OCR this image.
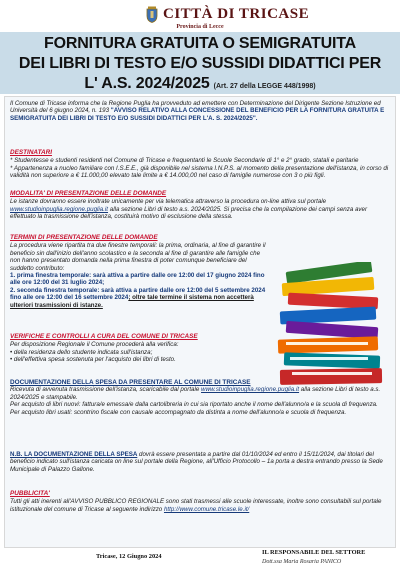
CITTÀ DI TRICASE
Provincia di Lecce
FORNITURA GRATUITA O SEMIGRATUITA
DEI LIBRI DI TESTO E/O SUSSIDI DIDATTICI PER
L' A.S. 2024/2025 (Art. 27 della LEGGE 448/1998)
Il Comune di Tricase informa che la Regione Puglia ha provveduto ad emettere con Determinazione del Dirigente Sezione Istruzione ed Università del 6 giugno 2024, n. 193 "AVVISO RELATIVO ALLA CONCESSIONE DEL BENEFICIO PER LA FORNITURA GRATUITA E SEMIGRATUITA DEI LIBRI DI TESTO E/O SUSSIDI DIDATTICI PER L'A. S. 2024/2025".
DESTINATARI
* Studentesse e studenti residenti nel Comune di Tricase e frequentanti le Scuole Secondarie di 1° e 2° grado, statali e paritarie
* Appartenenza a nucleo familiare con I.S.E.E., già disponibile nel sistema I.N.P.S. al momento della presentazione dell'istanza, in corso di validità non superiore a € 11.000,00 elevato tale limite a € 14.000,00 nel caso di famiglie numerose con 3 o più figli.
MODALITA' DI PRESENTAZIONE DELLE DOMANDE
Le istanze dovranno essere inoltrate unicamente per via telematica attraverso la procedura on-line attiva sul portale www.studioinpuglia.regione.puglia.it alla sezione Libri di testo a.s. 2024/2025. Si precisa che la compilazione dei campi senza aver effettuato la trasmissione dell'istanza, costituirà motivo di esclusione della stessa.
TERMINI DI PRESENTAZIONE DELLE DOMANDE
La procedura viene ripartita tra due finestre temporali: la prima, ordinaria, al fine di garantire il beneficio sin dall'inizio dell'anno scolastico e la seconda al fine di garantire alle famiglie che non hanno presentato domanda nella prima finestra di poter comunque beneficiare del suddetto contributo:
1. prima finestra temporale: sarà attiva a partire dalle ore 12:00 del 17 giugno 2024 fino alle ore 12:00 del 31 luglio 2024;
2. seconda finestra temporale: sarà attiva a partire dalle ore 12:00 del 5 settembre 2024 fino alle ore 12:00 del 16 settembre 2024; oltre tale termine il sistema non accetterà ulteriori trasmissioni di istanze.
VERIFICHE E CONTROLLI A CURA DEL COMUNE DI TRICASE
Per disposizione Regionale il Comune procederà alla verifica:
• della residenza dello studente indicata sull'istanza;
• dell'effettiva spesa sostenuta per l'acquisto dei libri di testo.
DOCUMENTAZIONE DELLA SPESA DA PRESENTARE AL COMUNE DI TRICASE
Ricevuta di avvenuta trasmissione dell'istanza, scaricabile dal portale www.studioinpuglia.regione.puglia.it alla sezione Libri di testo a.s. 2024/2025 e stampabile.
Per acquisto di libri nuovi: fattura/e emessa/e dalla cartolibreria in cui sia riportato anche il nome dell'alunno/a e la scuola di frequenza.
Per acquisto libri usati: scontrino fiscale con causale accompagnato da distinta a nome dell'alunno/a e scuola di frequenza.
N.B. LA DOCUMENTAZIONE DELLA SPESA dovrà essere presentata a partire dal 01/10/2024 ed entro il 15/11/2024, dai titolari del beneficio indicato sull'istanza caricata on line sul portale della Regione, all'Ufficio Protocollo – 1a porta a destra entrando presso la Sede Municipale di Palazzo Gallone.
PUBBLICITA'
Tutti gli atti inerenti all'AVVISO PUBBLICO REGIONALE sono stati trasmessi alle scuole interessate, inoltre sono consultabili sul portale istituzionale del comune di Tricase al seguente indirizzo http://www.comune.tricase.le.it/
Tricase, 12 Giugno 2024
IL RESPONSABILE DEL SETTORE
Dott.ssa Maria Rosaria PANICO
